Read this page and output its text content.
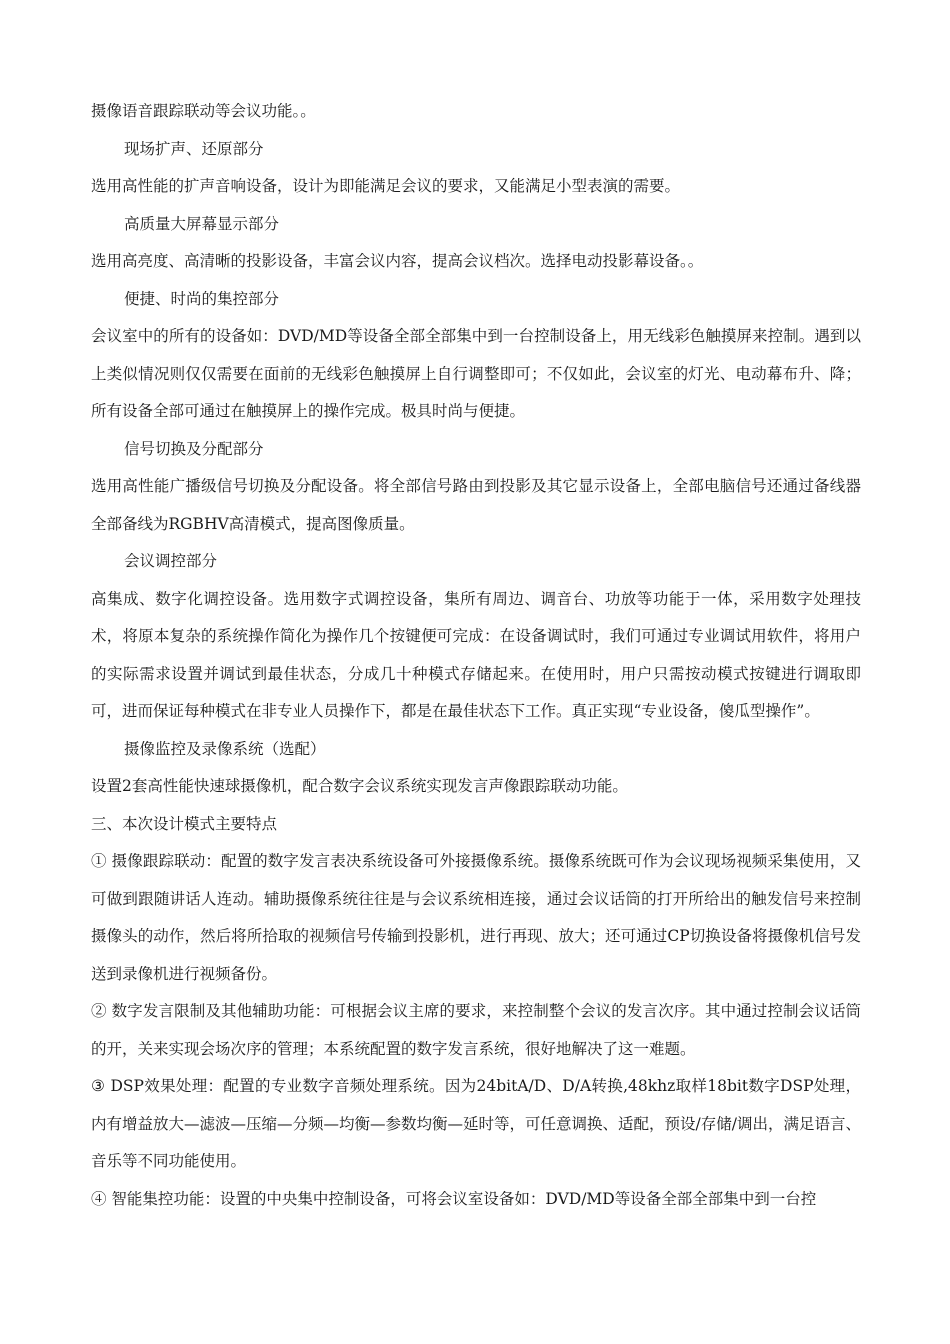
摄像语音跟踪联动等会议功能。。

现场扩声、还原部分

选用高性能的扩声音响设备，设计为即能满足会议的要求，又能满足小型表演的需要。

高质量大屏幕显示部分

选用高亮度、高清晰的投影设备，丰富会议内容，提高会议档次。选择电动投影幕设备。。

便捷、时尚的集控部分

会议室中的所有的设备如：DVD/MD等设备全部全部集中到一台控制设备上，用无线彩色触摸屏来控制。遇到以上类似情况则仅仅需要在面前的无线彩色触摸屏上自行调整即可；不仅如此，会议室的灯光、电动幕布升、降；所有设备全部可通过在触摸屏上的操作完成。极具时尚与便捷。

信号切换及分配部分

选用高性能广播级信号切换及分配设备。将全部信号路由到投影及其它显示设备上，全部电脑信号还通过备线器全部备线为RGBHV高清模式，提高图像质量。

会议调控部分

高集成、数字化调控设备。选用数字式调控设备，集所有周边、调音台、功放等功能于一体，采用数字处理技术，将原本复杂的系统操作简化为操作几个按键便可完成：在设备调试时，我们可通过专业调试用软件，将用户的实际需求设置并调试到最佳状态，分成几十种模式存储起来。在使用时，用户只需按动模式按键进行调取即可，进而保证每种模式在非专业人员操作下，都是在最佳状态下工作。真正实现“专业设备，傻瓜型操作”。

摄像监控及录像系统（选配）

设置2套高性能快速球摄像机，配合数字会议系统实现发言声像跟踪联动功能。

三、本次设计模式主要特点

① 摄像跟踪联动：配置的数字发言表决系统设备可外接摄像系统。摄像系统既可作为会议现场视频采集使用，又可做到跟随讲话人连动。辅助摄像系统往往是与会议系统相连接，通过会议话筒的打开所给出的触发信号来控制摄像头的动作，然后将所拾取的视频信号传输到投影机，进行再现、放大；还可通过CP切换设备将摄像机信号发送到录像机进行视频备份。

② 数字发言限制及其他辅助功能：可根据会议主席的要求，来控制整个会议的发言次序。其中通过控制会议话筒的开，关来实现会场次序的管理；本系统配置的数字发言系统，很好地解决了这一难题。

③ DSP效果处理：配置的专业数字音频处理系统。因为24bitA/D、D/A转换,48khz取样18bit数字DSP处理，内有增益放大—滤波—压缩—分频—均衡—参数均衡—延时等，可任意调换、适配，预设/存储/调出，满足语言、音乐等不同功能使用。

④ 智能集控功能：设置的中央集中控制设备，可将会议室设备如：DVD/MD等设备全部全部集中到一台控
